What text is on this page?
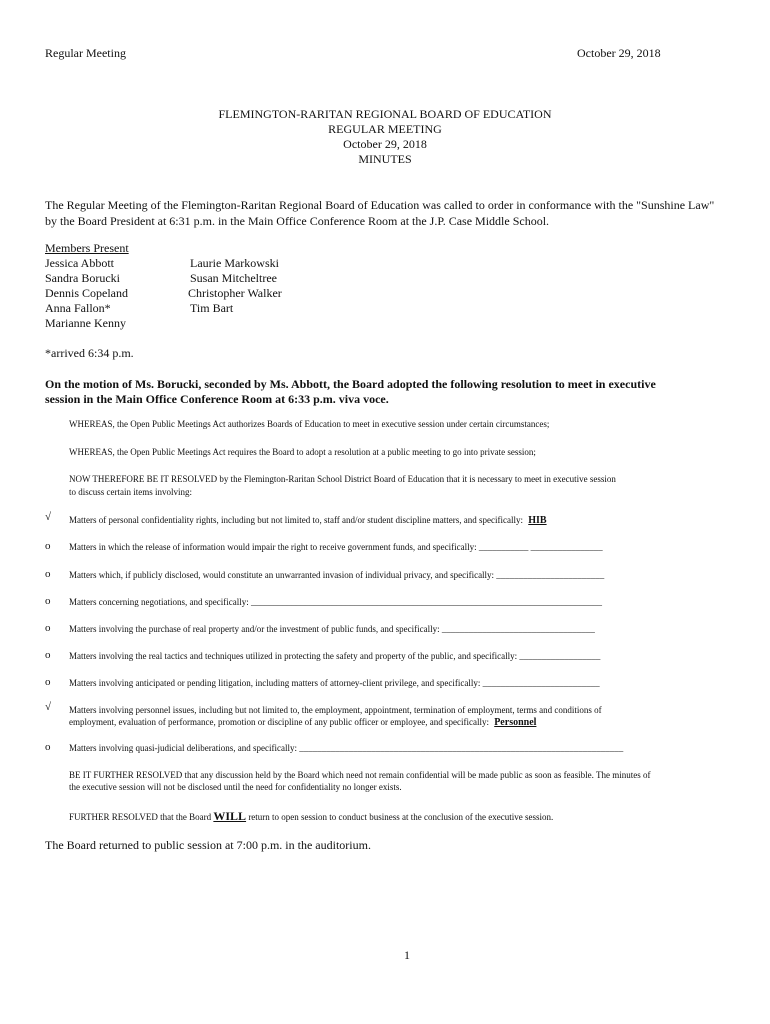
Regular Meeting	October 29, 2018
FLEMINGTON-RARITAN REGIONAL BOARD OF EDUCATION
REGULAR MEETING
October 29, 2018
MINUTES
The Regular Meeting of the Flemington-Raritan Regional Board of Education was called to order in conformance with the "Sunshine Law" by the Board President at 6:31 p.m. in the Main Office Conference Room at the J.P. Case Middle School.
Members Present
Jessica Abbott
Sandra Borucki
Dennis Copeland
Anna Fallon*
Marianne Kenny
Laurie Markowski
Susan Mitcheltree
Christopher Walker
Tim Bart
*arrived 6:34 p.m.
On the motion of Ms. Borucki, seconded by Ms. Abbott, the Board adopted the following resolution to meet in executive session in the Main Office Conference Room at 6:33 p.m. viva voce.
WHEREAS, the Open Public Meetings Act authorizes Boards of Education to meet in executive session under certain circumstances;
WHEREAS, the Open Public Meetings Act requires the Board to adopt a resolution at a public meeting to go into private session;
NOW THEREFORE BE IT RESOLVED by the Flemington-Raritan School District Board of Education that it is necessary to meet in executive session
to discuss certain items involving:
√ Matters of personal confidentiality rights, including but not limited to, staff and/or student discipline matters, and specifically: HIB
o Matters in which the release of information would impair the right to receive government funds, and specifically: ___________ ________________
o Matters which, if publicly disclosed, would constitute an unwarranted invasion of individual privacy, and specifically: ________________________
o Matters concerning negotiations, and specifically: ______________________________________________________________________________
o Matters involving the purchase of real property and/or the investment of public funds, and specifically: __________________________________
o Matters involving the real tactics and techniques utilized in protecting the safety and property of the public, and specifically: __________________
o Matters involving anticipated or pending litigation, including matters of attorney-client privilege, and specifically: __________________________
√ Matters involving personnel issues, including but not limited to, the employment, appointment, termination of employment, terms and conditions of
employment, evaluation of performance, promotion or discipline of any public officer or employee, and specifically: Personnel
o Matters involving quasi-judicial deliberations, and specifically: ________________________________________________________________________
BE IT FURTHER RESOLVED that any discussion held by the Board which need not remain confidential will be made public as soon as feasible. The minutes of
the executive session will not be disclosed until the need for confidentiality no longer exists.
FURTHER RESOLVED that the Board WILL return to open session to conduct business at the conclusion of the executive session.
The Board returned to public session at 7:00 p.m. in the auditorium.
1
